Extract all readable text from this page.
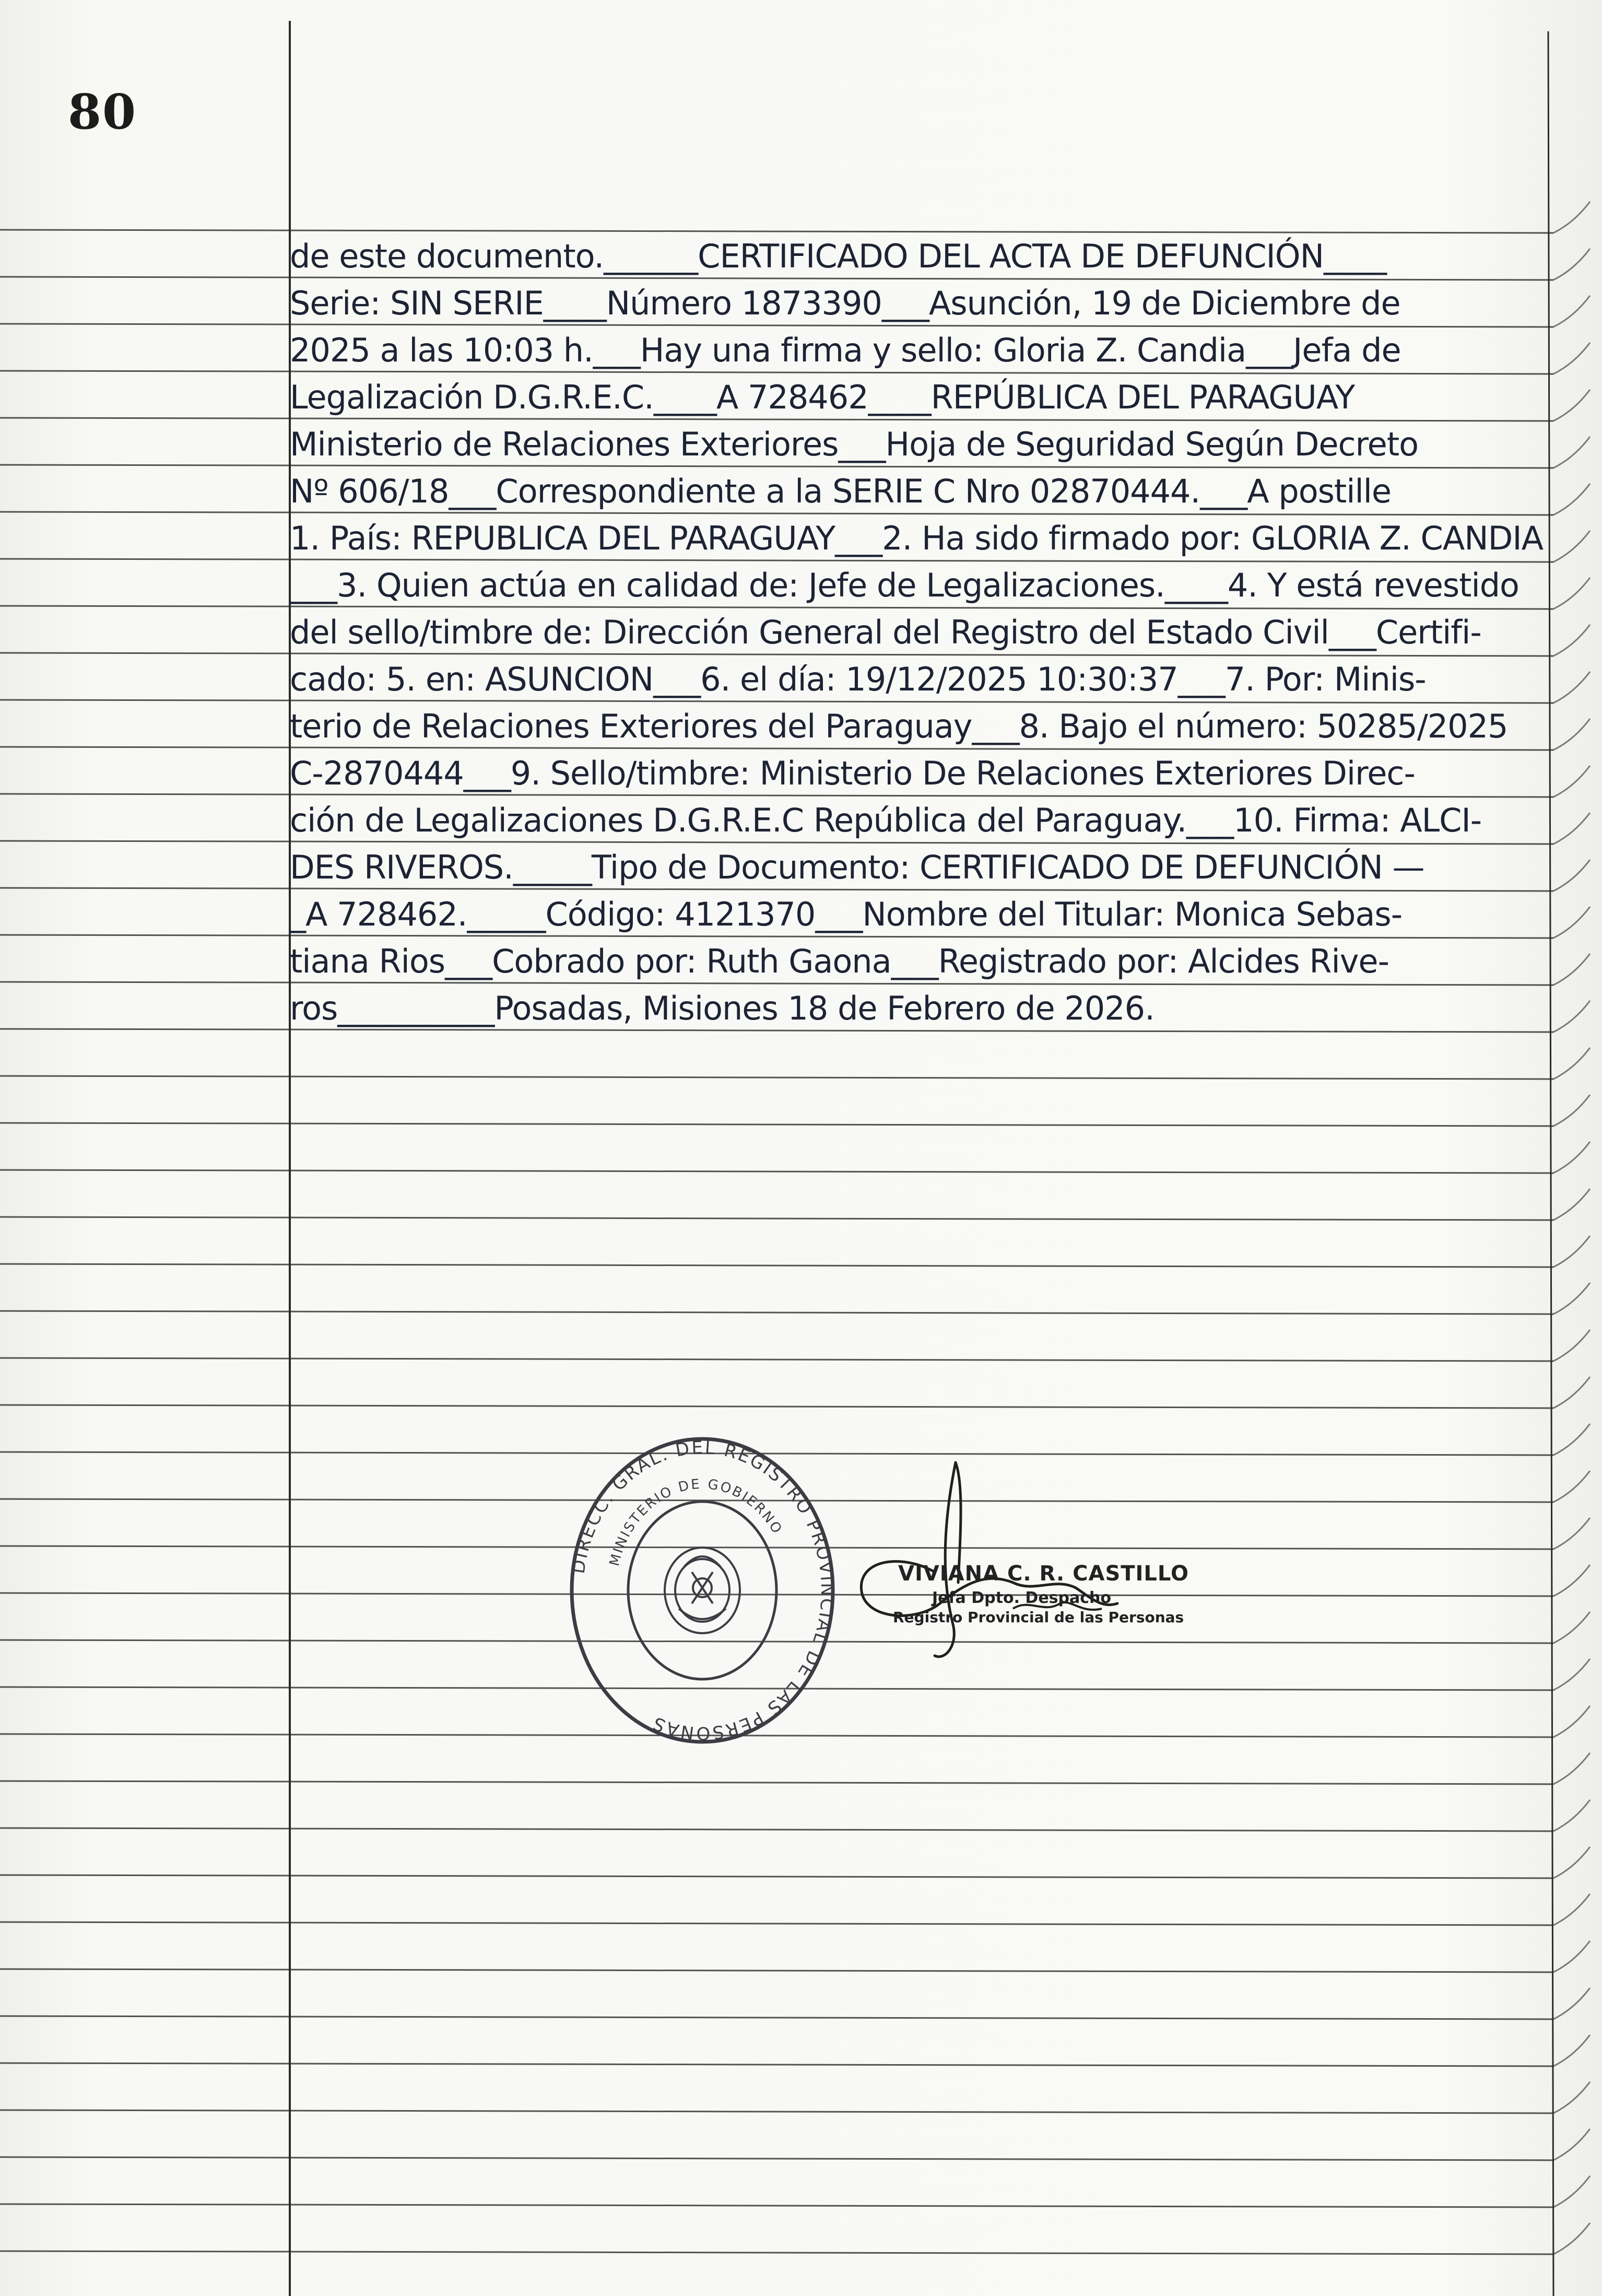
80
de este documento.______CERTIFICADO DEL ACTA DE DEFUNCIÓN____
Serie: SIN SERIE____Número 1873390___Asunción, 19 de Diciembre de
2025 a las 10:03 h.___Hay una firma y sello: Gloria Z. Candia___Jefa de
Legalización D.G.R.E.C.____A 728462____REPÚBLICA DEL PARAGUAY
Ministerio de Relaciones Exteriores___Hoja de Seguridad Según Decreto
Nº 606/18___Correspondiente a la SERIE C Nro 02870444.___A postille
1. País: REPUBLICA DEL PARAGUAY___2. Ha sido firmado por: GLORIA Z. CANDIA
___3. Quien actúa en calidad de: Jefe de Legalizaciones.____4. Y está revestido
del sello/timbre de: Dirección General del Registro del Estado Civil___Certifi-
cado: 5. en: ASUNCION___6. el día: 19/12/2025 10:30:37___7. Por: Minis-
terio de Relaciones Exteriores del Paraguay___8. Bajo el número: 50285/2025
C-2870444___9. Sello/timbre: Ministerio De Relaciones Exteriores Direc-
ción de Legalizaciones D.G.R.E.C República del Paraguay.___10. Firma: ALCI-
DES RIVEROS._____Tipo de Documento: CERTIFICADO DE DEFUNCIÓN —
_A 728462._____Código: 4121370___Nombre del Titular: Monica Sebas-
tiana Rios___Cobrado por: Ruth Gaona___Registrado por: Alcides Rive-
ros__________Posadas, Misiones 18 de Febrero de 2026.
DIRECC. GRAL. DEL REGISTRO PROVINCIAL DE LAS PERSONAS
MINISTERIO DE GOBIERNO
VIVIANA C. R. CASTILLO
Jefa Dpto. Despacho
Registro Provincial de las Personas
